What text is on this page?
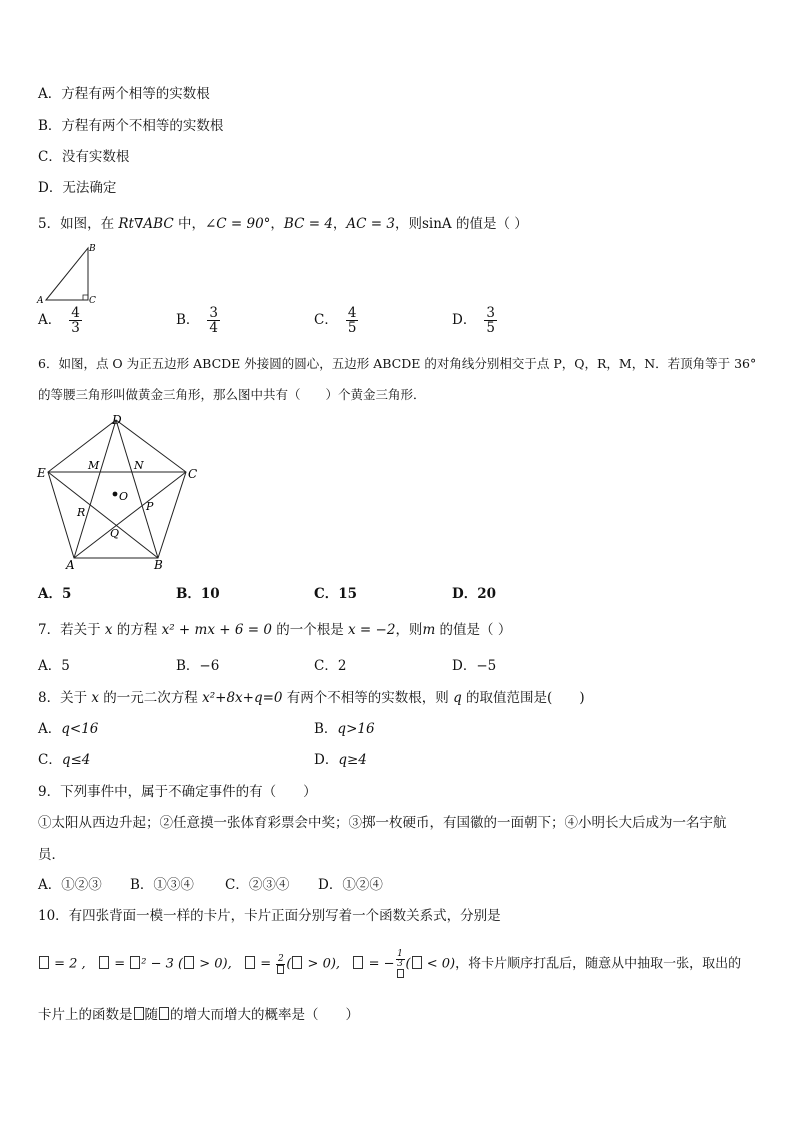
A．方程有两个相等的实数根
B．方程有两个不相等的实数根
C．没有实数根
D．无法确定
5．如图，在 Rt∇ABC 中，∠C = 90°，BC = 4，AC = 3，则sinA 的值是（ ）
A
B
C
A． $\frac{4}{3}$	B． $\frac{3}{4}$	C． $\frac{4}{5}$	D． $\frac{3}{5}$
6．如图，点 O 为正五边形 ABCDE 外接圆的圆心，五边形 ABCDE 的对角线分别相交于点 P，Q，R，M，N．若顶角等于 36°
的等腰三角形叫做黄金三角形，那么图中共有（　　）个黄金三角形．
D
C
B
A
E
M	N
P
Q
R
O
A．5	B．10	C．15	D．20
7．若关于 x 的方程 x² + mx + 6 = 0 的一个根是 x = −2，则m 的值是（ ）
A．5	B．−6	C．2	D．−5
8．关于 x 的一元二次方程 x²+8x+q=0 有两个不相等的实数根，则 q 的取值范围是(　　)
A．q<16	B．q>16
C．q≤4	D．q≥4
9．下列事件中，属于不确定事件的有（　　）
①太阳从西边升起；②任意摸一张体育彩票会中奖；③掷一枚硬币，有国徽的一面朝下；④小明长大后成为一名宇航
员．
A．①②③ B．①③④ C．②③④ D．①②④
10．有四张背面一模一样的卡片，卡片正面分别写着一个函数关系式，分别是
= 2 ,    = ² − 3 ( > 0),    = 2 ( > 0),    = − $\frac{1}{3}$ ( < 0)，将卡片顺序打乱后，随意从中抽取一张，取出的
卡片上的函数是 随 的增大而增大的概率是（　　）
